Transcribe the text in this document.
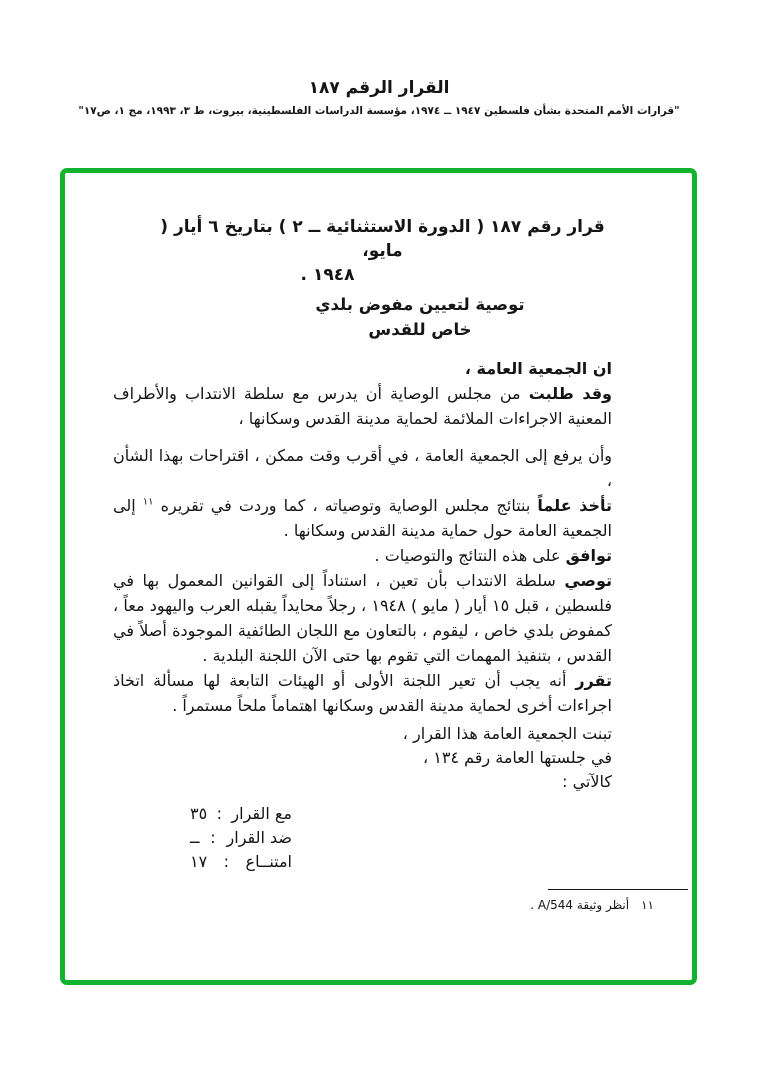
القرار الرقم ١٨٧
"قرارات الأمم المتحدة بشأن فلسطين ١٩٤٧ ــ ١٩٧٤، مؤسسة الدراسات الفلسطينية، بيروت، ط ٣، ١٩٩٣، مج ١، ص١٧"
قرار رقم ١٨٧ ( الدورة الاستثنائية ــ ٢ ) بتاريخ ٦ أيار ( مايو،
١٩٤٨ .
توصية لتعيين مفوض بلدي
خاص للقدس

ان الجمعية العامة ،

وقد طلبت من مجلس الوصاية أن يدرس مع سلطة الانتداب والأطراف المعنية الاجراءات الملائمة لحماية مدينة القدس وسكانها ،

وأن يرفع إلى الجمعية العامة ، في أقرب وقت ممكن ، اقتراحات بهذا الشأن ،

تأخذ علماً بنتائج مجلس الوصاية وتوصياته ، كما وردت في تقريره $^{١١}$ إلى الجمعية العامة حول حماية مدينة القدس وسكانها .

توافق على هذه النتائج والتوصيات .

توصي سلطة الانتداب بأن تعين ، استناداً إلى القوانين المعمول بها في فلسطين ، قبل ١٥ أيار ( مايو ) ١٩٤٨ ، رجلاً محايداً يقبله العرب واليهود معاً ، كمفوض بلدي خاص ، ليقوم ، بالتعاون مع اللجان الطائفية الموجودة أصلاً في القدس ، بتنفيذ المهمات التي تقوم بها حتى الآن اللجنة البلدية .

تقرر أنه يجب أن تعير اللجنة الأولى أو الهيئات التابعة لها مسألة اتخاذ اجراءات أخرى لحماية مدينة القدس وسكانها اهتماماً ملحاً مستمراً .

تبنت الجمعية العامة هذا القرار ،
في جلستها العامة رقم ١٣٤ ،
كالآتي :
مع القرار
:
٣٥
ضد القرار
:
ــ
امتنــاع
:
١٧
١١أنظر وثيقة A/544 .
